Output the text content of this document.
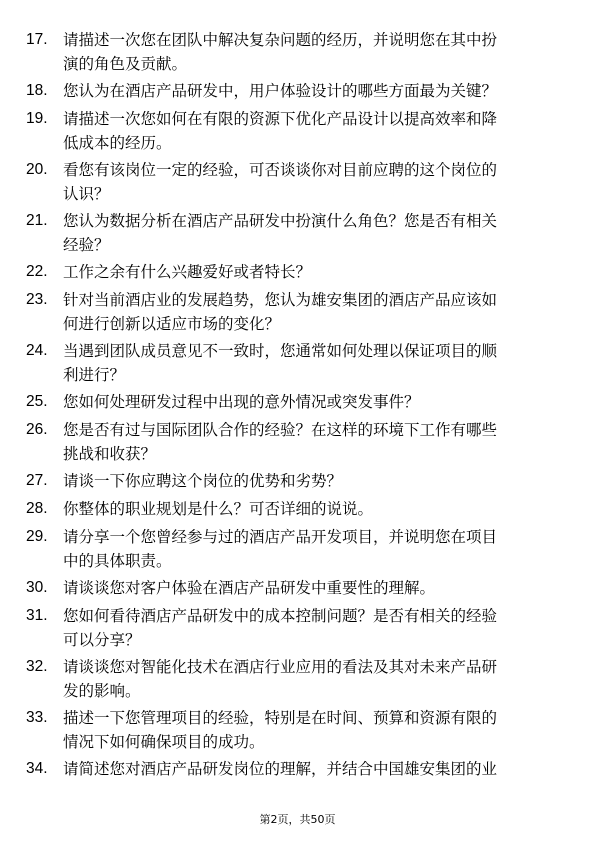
17. 请描述一次您在团队中解决复杂问题的经历，并说明您在其中扮
演的角色及贡献。
18. 您认为在酒店产品研发中，用户体验设计的哪些方面最为关键？
19. 请描述一次您如何在有限的资源下优化产品设计以提高效率和降
低成本的经历。
20. 看您有该岗位一定的经验，可否谈谈你对目前应聘的这个岗位的
认识？
21. 您认为数据分析在酒店产品研发中扮演什么角色？您是否有相关
经验？
22. 工作之余有什么兴趣爱好或者特长？
23. 针对当前酒店业的发展趋势，您认为雄安集团的酒店产品应该如
何进行创新以适应市场的变化？
24. 当遇到团队成员意见不一致时，您通常如何处理以保证项目的顺
利进行？
25. 您如何处理研发过程中出现的意外情况或突发事件？
26. 您是否有过与国际团队合作的经验？在这样的环境下工作有哪些
挑战和收获？
27. 请谈一下你应聘这个岗位的优势和劣势？
28. 你整体的职业规划是什么？可否详细的说说。
29. 请分享一个您曾经参与过的酒店产品开发项目，并说明您在项目
中的具体职责。
30. 请谈谈您对客户体验在酒店产品研发中重要性的理解。
31. 您如何看待酒店产品研发中的成本控制问题？是否有相关的经验
可以分享？
32. 请谈谈您对智能化技术在酒店行业应用的看法及其对未来产品研
发的影响。
33. 描述一下您管理项目的经验，特别是在时间、预算和资源有限的
情况下如何确保项目的成功。
34. 请简述您对酒店产品研发岗位的理解，并结合中国雄安集团的业
第2页，共50页
